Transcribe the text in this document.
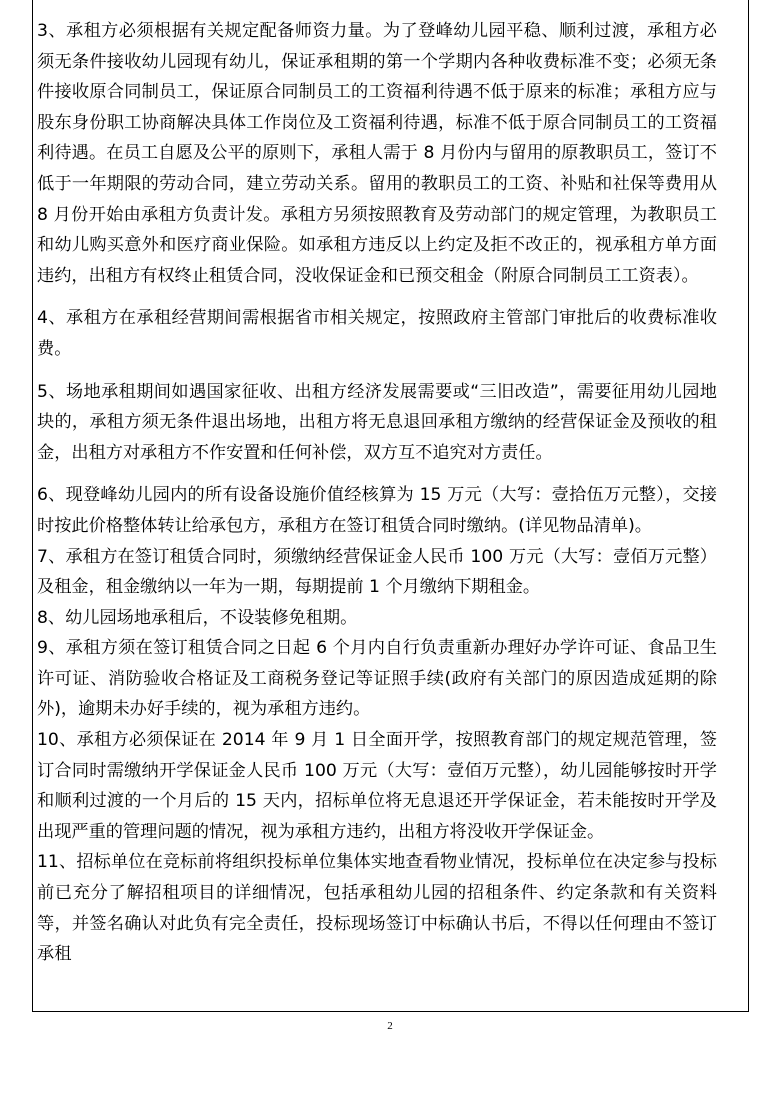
3、承租方必须根据有关规定配备师资力量。为了登峰幼儿园平稳、顺利过渡，承租方必须无条件接收幼儿园现有幼儿，保证承租期的第一个学期内各种收费标准不变；必须无条件接收原合同制员工，保证原合同制员工的工资福利待遇不低于原来的标准；承租方应与股东身份职工协商解决具体工作岗位及工资福利待遇，标准不低于原合同制员工的工资福利待遇。在员工自愿及公平的原则下，承租人需于 8 月份内与留用的原教职员工，签订不低于一年期限的劳动合同，建立劳动关系。留用的教职员工的工资、补贴和社保等费用从 8 月份开始由承租方负责计发。承租方另须按照教育及劳动部门的规定管理，为教职员工和幼儿购买意外和医疗商业保险。如承租方违反以上约定及拒不改正的，视承租方单方面违约，出租方有权终止租赁合同，没收保证金和已预交租金（附原合同制员工工资表）。

4、承租方在承租经营期间需根据省市相关规定，按照政府主管部门审批后的收费标准收费。

5、场地承租期间如遇国家征收、出租方经济发展需要或“三旧改造”，需要征用幼儿园地块的，承租方须无条件退出场地，出租方将无息退回承租方缴纳的经营保证金及预收的租金，出租方对承租方不作安置和任何补偿，双方互不追究对方责任。

6、现登峰幼儿园内的所有设备设施价值经核算为 15 万元（大写：壹拾伍万元整），交接时按此价格整体转让给承包方，承租方在签订租赁合同时缴纳。(详见物品清单)。

7、承租方在签订租赁合同时，须缴纳经营保证金人民币 100 万元（大写：壹佰万元整）及租金，租金缴纳以一年为一期，每期提前 1 个月缴纳下期租金。

8、幼儿园场地承租后，不设装修免租期。

9、承租方须在签订租赁合同之日起 6 个月内自行负责重新办理好办学许可证、食品卫生许可证、消防验收合格证及工商税务登记等证照手续(政府有关部门的原因造成延期的除外)，逾期未办好手续的，视为承租方违约。

10、承租方必须保证在 2014 年 9 月 1 日全面开学，按照教育部门的规定规范管理，签订合同时需缴纳开学保证金人民币 100 万元（大写：壹佰万元整），幼儿园能够按时开学和顺利过渡的一个月后的 15 天内，招标单位将无息退还开学保证金，若未能按时开学及出现严重的管理问题的情况，视为承租方违约，出租方将没收开学保证金。

11、招标单位在竞标前将组织投标单位集体实地查看物业情况，投标单位在决定参与投标前已充分了解招租项目的详细情况，包括承租幼儿园的招租条件、约定条款和有关资料等，并签名确认对此负有完全责任，投标现场签订中标确认书后，不得以任何理由不签订承租

2
